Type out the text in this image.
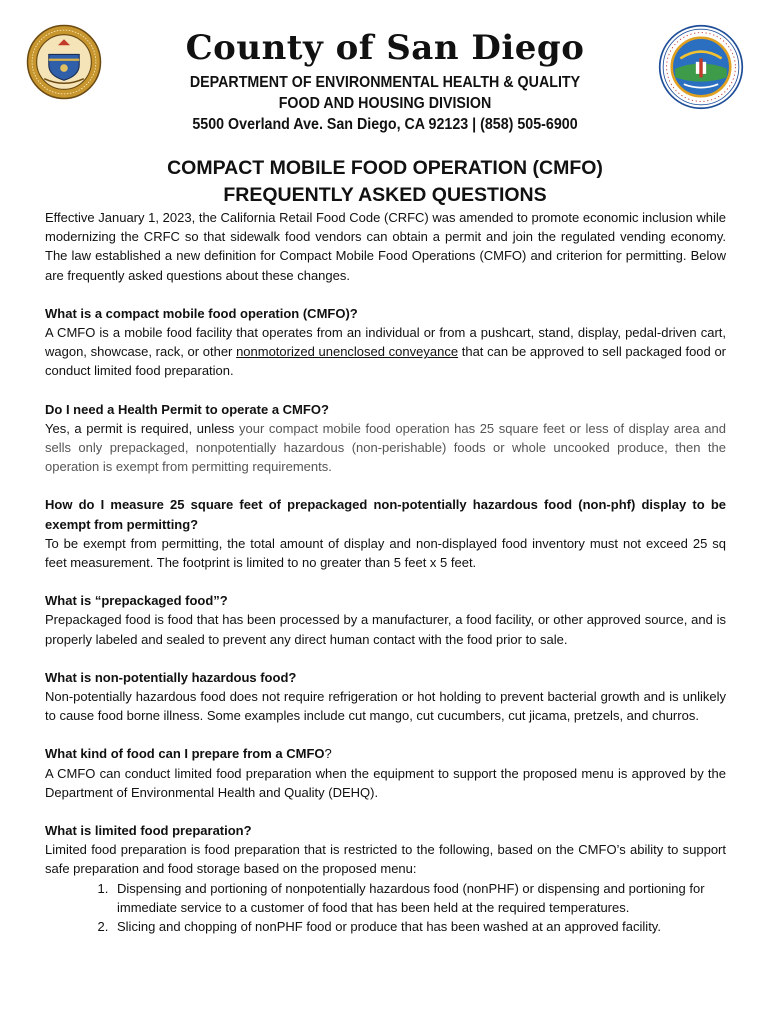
County of San Diego
DEPARTMENT OF ENVIRONMENTAL HEALTH & QUALITY
FOOD AND HOUSING DIVISION
5500 Overland Ave. San Diego, CA 92123 | (858) 505-6900
COMPACT MOBILE FOOD OPERATION (CMFO)
FREQUENTLY ASKED QUESTIONS

Effective January 1, 2023, the California Retail Food Code (CRFC) was amended to promote economic inclusion while modernizing the CRFC so that sidewalk food vendors can obtain a permit and join the regulated vending economy. The law established a new definition for Compact Mobile Food Operations (CMFO) and criterion for permitting. Below are frequently asked questions about these changes.

What is a compact mobile food operation (CMFO)?

A CMFO is a mobile food facility that operates from an individual or from a pushcart, stand, display, pedal-driven cart, wagon, showcase, rack, or other nonmotorized unenclosed conveyance that can be approved to sell packaged food or conduct limited food preparation.

Do I need a Health Permit to operate a CMFO?

Yes, a permit is required, unless your compact mobile food operation has 25 square feet or less of display area and sells only prepackaged, nonpotentially hazardous (non-perishable) foods or whole uncooked produce, then the operation is exempt from permitting requirements.

How do I measure 25 square feet of prepackaged non-potentially hazardous food (non-phf) display to be exempt from permitting?

To be exempt from permitting, the total amount of display and non-displayed food inventory must not exceed 25 sq feet measurement. The footprint is limited to no greater than 5 feet x 5 feet.

What is “prepackaged food”?

Prepackaged food is food that has been processed by a manufacturer, a food facility, or other approved source, and is properly labeled and sealed to prevent any direct human contact with the food prior to sale.

What is non-potentially hazardous food?

Non-potentially hazardous food does not require refrigeration or hot holding to prevent bacterial growth and is unlikely to cause food borne illness. Some examples include cut mango, cut cucumbers, cut jicama, pretzels, and churros.

What kind of food can I prepare from a CMFO?

A CMFO can conduct limited food preparation when the equipment to support the proposed menu is approved by the Department of Environmental Health and Quality (DEHQ).

What is limited food preparation?

Limited food preparation is food preparation that is restricted to the following, based on the CMFO’s ability to support safe preparation and food storage based on the proposed menu:

1. Dispensing and portioning of nonpotentially hazardous food (nonPHF) or dispensing and portioning for immediate service to a customer of food that has been held at the required temperatures.
2. Slicing and chopping of nonPHF food or produce that has been washed at an approved facility.
